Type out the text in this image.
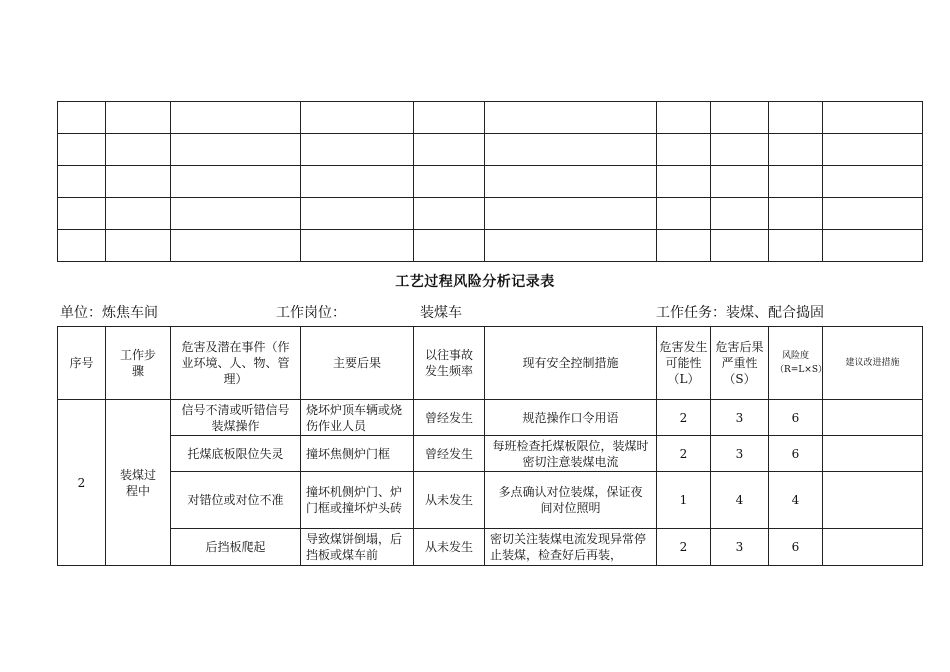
工艺过程风险分析记录表
单位：炼焦车间	工作岗位：	装煤车	工作任务：装煤、配合捣固
序号	工作步骤	危害及潜在事件（作业环境、人、物、管理）	主要后果	以往事故发生频率	现有安全控制措施	危害发生可能性（L）	危害后果严重性（S）	风险度（R=L×S）	建议改进措施
2	装煤过程中	信号不清或听错信号装煤操作	烧坏炉顶车辆或烧伤作业人员	曾经发生	规范操作口令用语	2	3	6	
		托煤底板限位失灵	撞坏焦侧炉门框	曾经发生	每班检查托煤板限位，装煤时密切注意装煤电流	2	3	6	
		对错位或对位不准	撞坏机侧炉门、炉门框或撞坏炉头砖	从未发生	多点确认对位装煤，保证夜间对位照明	1	4	4	
		后挡板爬起	导致煤饼倒塌，后挡板或煤车前	从未发生	密切关注装煤电流发现异常停止装煤，检查好后再装，	2	3	6	
